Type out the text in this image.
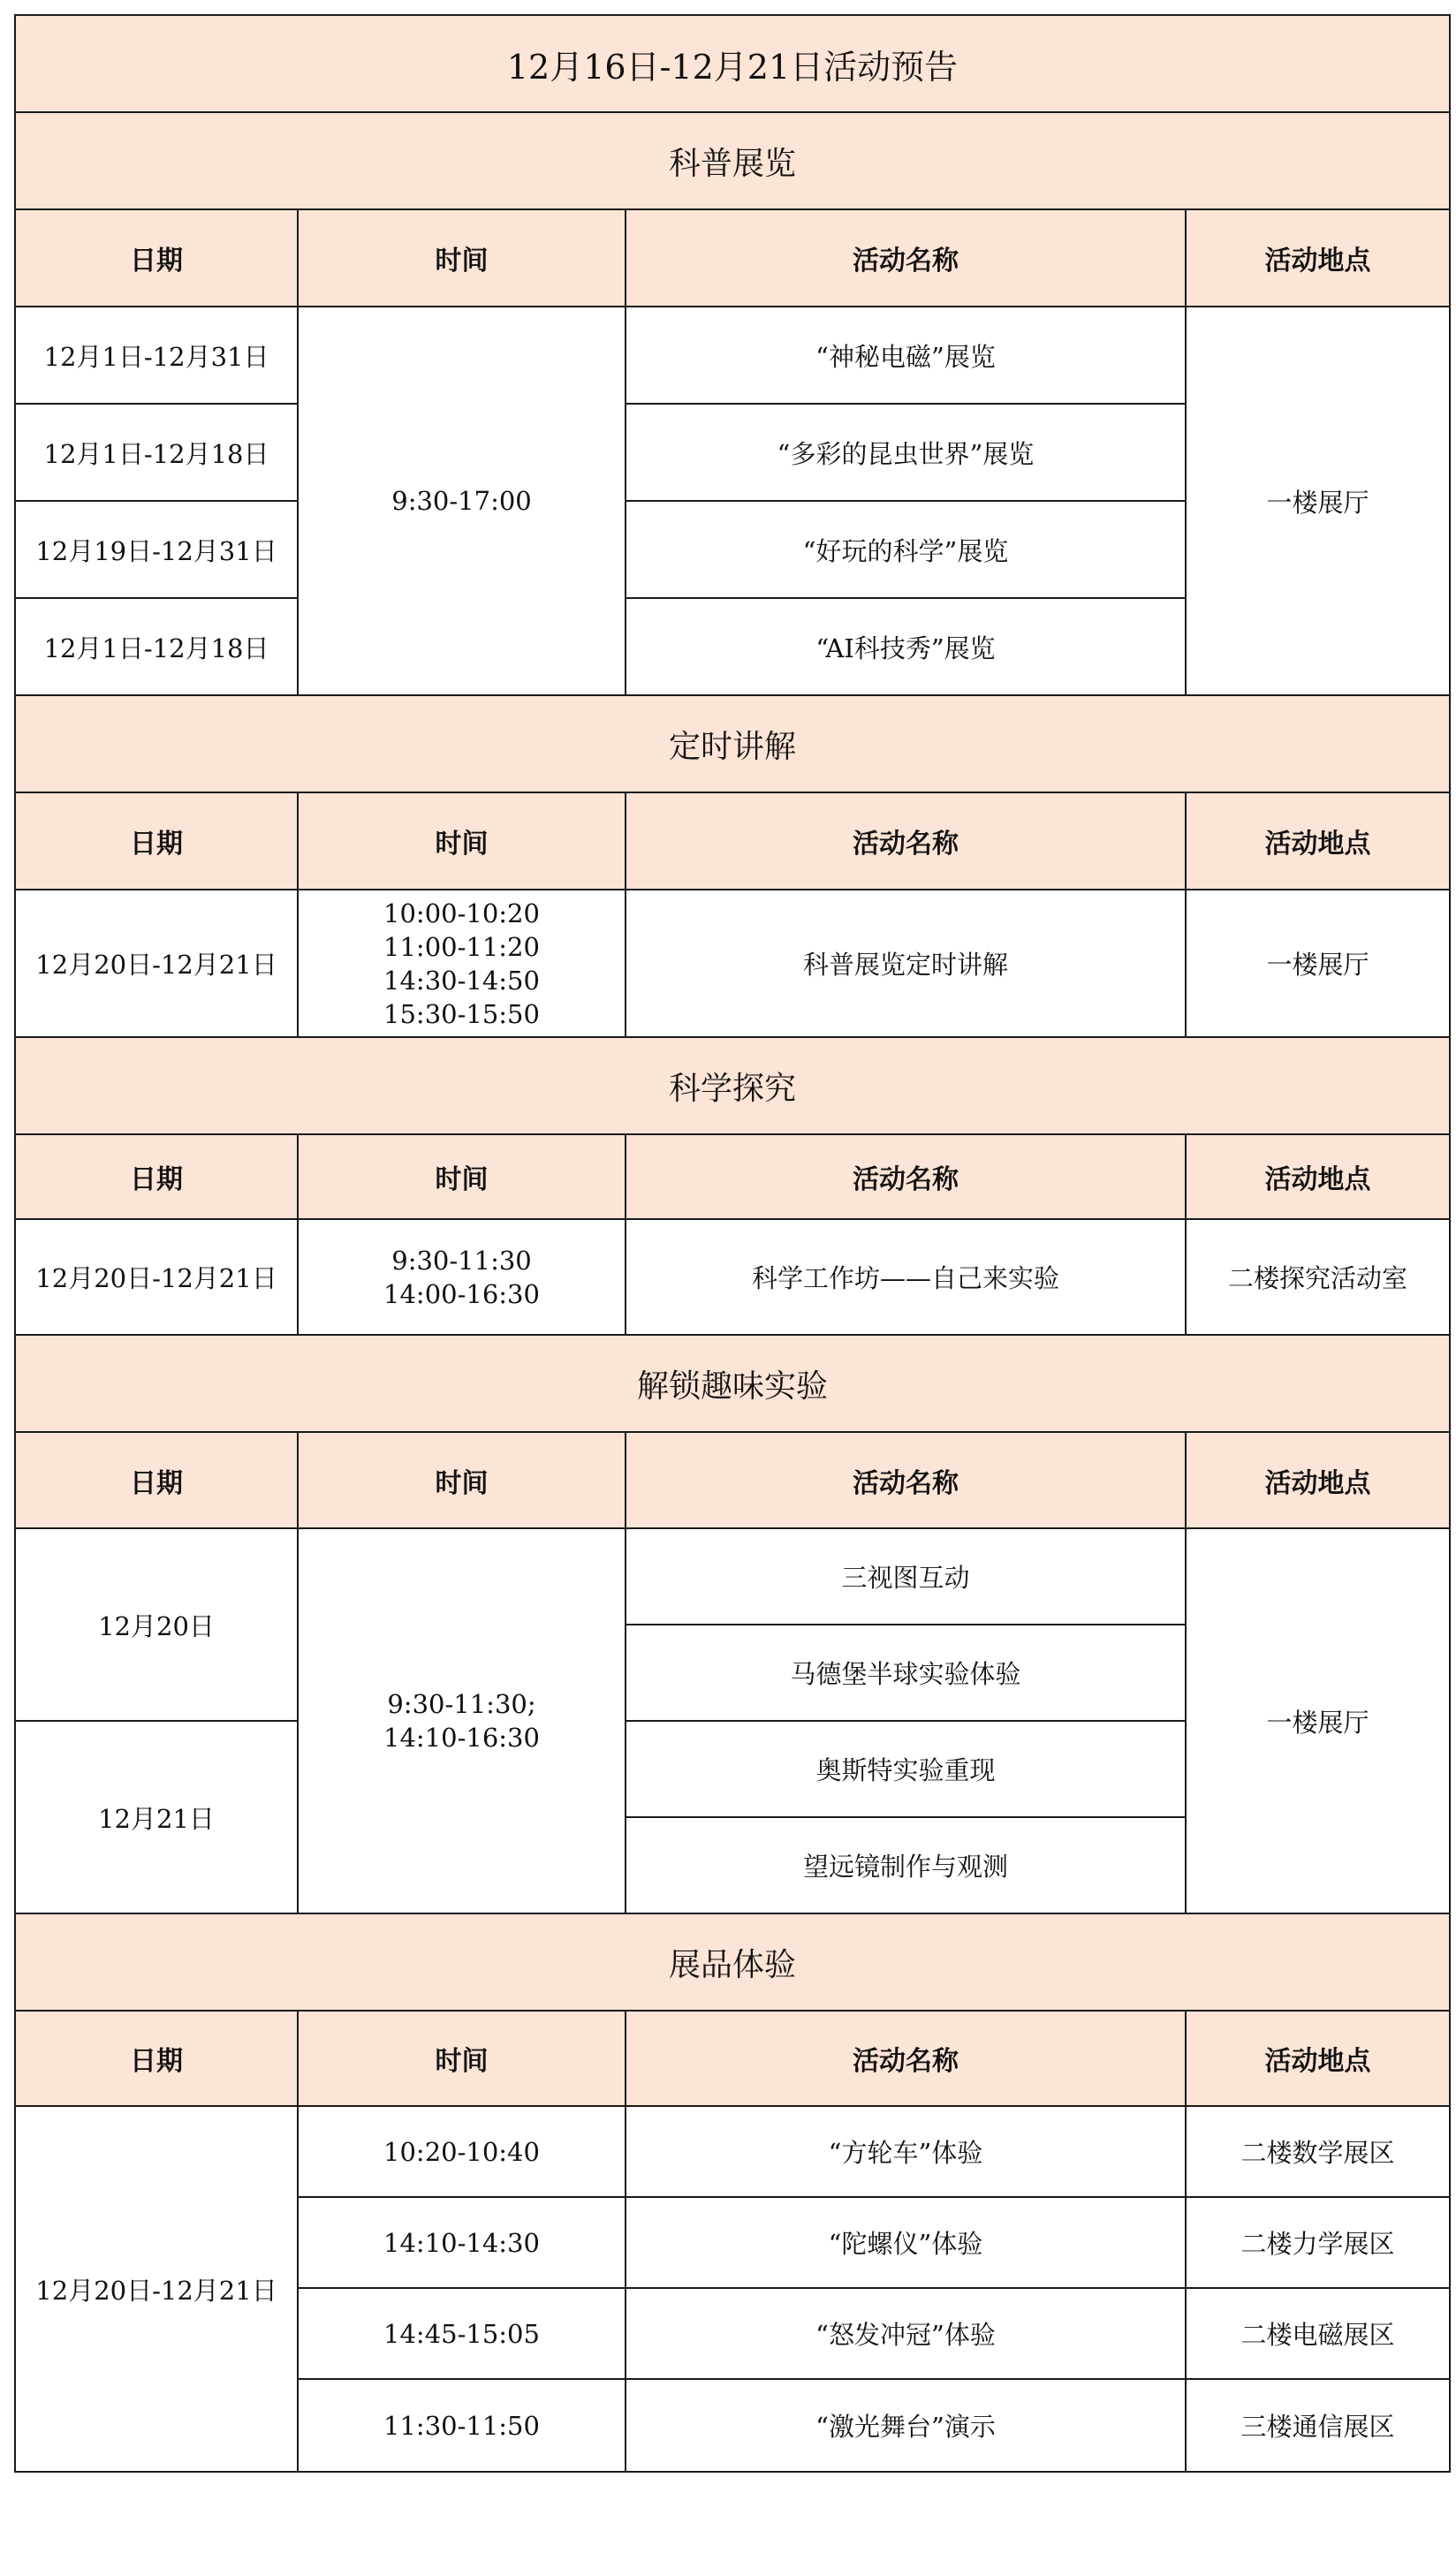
12月16日-12月21日活动预告			
科普展览			
日期	时间	活动名称	活动地点
12月1日-12月31日	9:30-17:00	“神秘电磁”展览	一楼展厅
12月1日-12月18日		“多彩的昆虫世界”展览	
12月19日-12月31日		“好玩的科学”展览	
12月1日-12月18日		“AI科技秀”展览	
定时讲解			
日期	时间	活动名称	活动地点
12月20日-12月21日	10:00-10:20
11:00-11:20
14:30-14:50
15:30-15:50	科普展览定时讲解	一楼展厅
科学探究			
日期	时间	活动名称	活动地点
12月20日-12月21日	9:30-11:30
14:00-16:30	科学工作坊——自己来实验	二楼探究活动室
解锁趣味实验			
日期	时间	活动名称	活动地点
12月20日	9:30-11:30;
14:10-16:30	三视图互动	一楼展厅
		马德堡半球实验体验	
12月21日		奥斯特实验重现	
		望远镜制作与观测	
展品体验			
日期	时间	活动名称	活动地点
12月20日-12月21日	10:20-10:40	“方轮车”体验	二楼数学展区
	14:10-14:30	“陀螺仪”体验	二楼力学展区
	14:45-15:05	“怒发冲冠”体验	二楼电磁展区
	11:30-11:50	“激光舞台”演示	三楼通信展区
